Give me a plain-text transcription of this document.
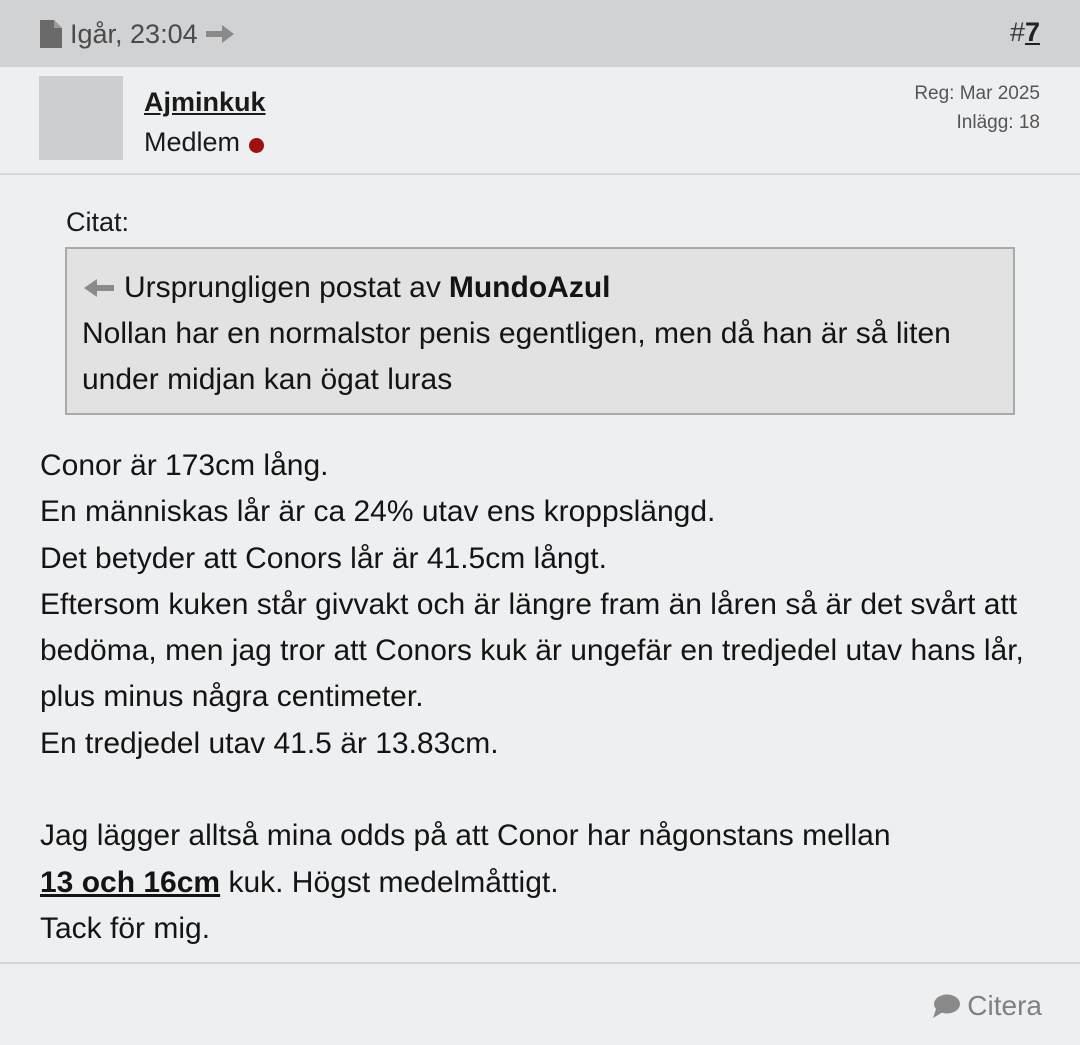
Igår, 23:04	#7
Ajminkuk
Medlem
Reg: Mar 2025
Inlägg: 18
Citat:
Ursprungligen postat av MundoAzul
Nollan har en normalstor penis egentligen, men då han är så liten under midjan kan ögat luras

Conor är 173cm lång.

En människas lår är ca 24% utav ens kroppslängd.

Det betyder att Conors lår är 41.5cm långt.

Eftersom kuken står givvakt och är längre fram än låren så är det svårt att bedöma, men jag tror att Conors kuk är ungefär en tredjedel utav hans lår, plus minus några centimeter.

En tredjedel utav 41.5 är 13.83cm.

Jag lägger alltså mina odds på att Conor har någonstans mellan
13 och 16cm kuk. Högst medelmåttigt.

Tack för mig.

Citera
